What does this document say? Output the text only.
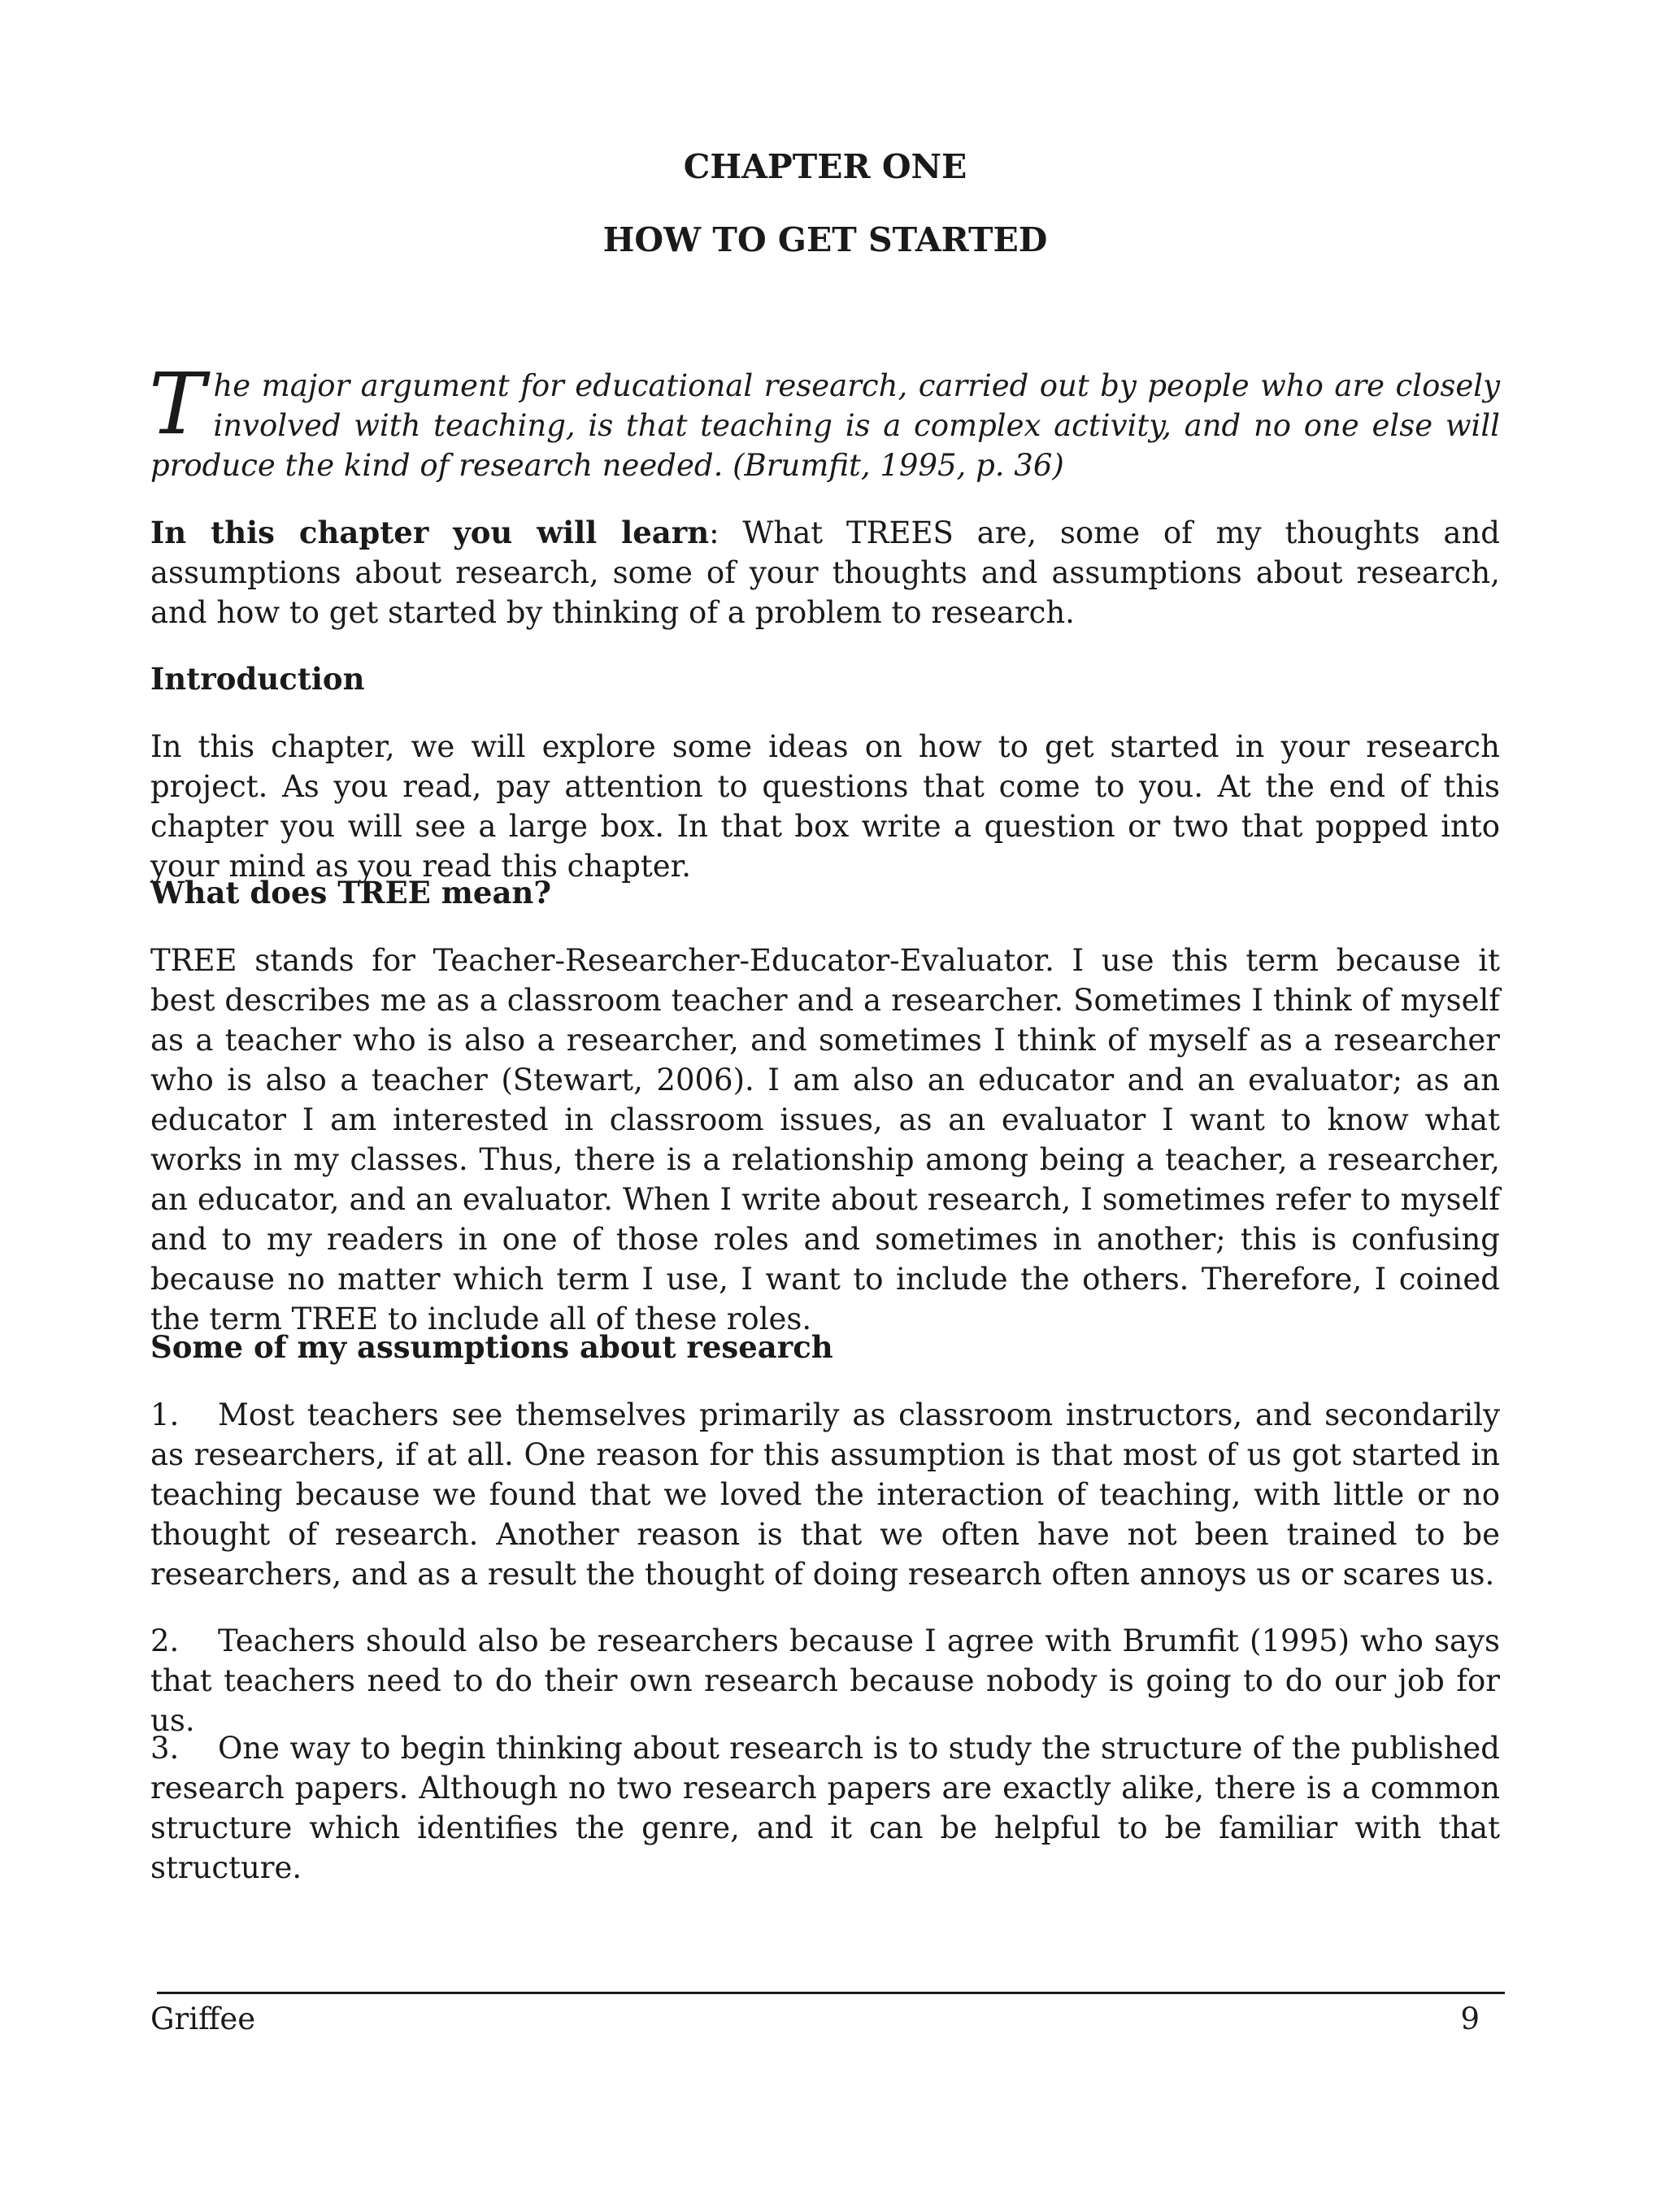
CHAPTER ONE
HOW TO GET STARTED

The major argument for educational research, carried out by people who are closely involved with teaching, is that teaching is a complex activity, and no one else will produce the kind of research needed. (Brumfit, 1995, p. 36)

In this chapter you will learn: What TREES are, some of my thoughts and assumptions about research, some of your thoughts and assumptions about research, and how to get started by thinking of a problem to research.

Introduction

In this chapter, we will explore some ideas on how to get started in your research project. As you read, pay attention to questions that come to you. At the end of this chapter you will see a large box. In that box write a question or two that popped into your mind as you read this chapter.

What does TREE mean?

TREE stands for Teacher-Researcher-Educator-Evaluator. I use this term because it best describes me as a classroom teacher and a researcher. Sometimes I think of myself as a teacher who is also a researcher, and sometimes I think of myself as a researcher who is also a teacher (Stewart, 2006). I am also an educator and an evaluator; as an educator I am interested in classroom issues, as an evaluator I want to know what works in my classes. Thus, there is a relationship among being a teacher, a researcher, an educator, and an evaluator. When I write about research, I sometimes refer to myself and to my readers in one of those roles and sometimes in another; this is confusing because no matter which term I use, I want to include the others. Therefore, I coined the term TREE to include all of these roles.

Some of my assumptions about research

1. Most teachers see themselves primarily as classroom instructors, and secondarily as researchers, if at all. One reason for this assumption is that most of us got started in teaching because we found that we loved the interaction of teaching, with little or no thought of research. Another reason is that we often have not been trained to be researchers, and as a result the thought of doing research often annoys us or scares us.

2. Teachers should also be researchers because I agree with Brumfit (1995) who says that teachers need to do their own research because nobody is going to do our job for us.

3. One way to begin thinking about research is to study the structure of the published research papers. Although no two research papers are exactly alike, there is a common structure which identifies the genre, and it can be helpful to be familiar with that structure.

Griffee	9
